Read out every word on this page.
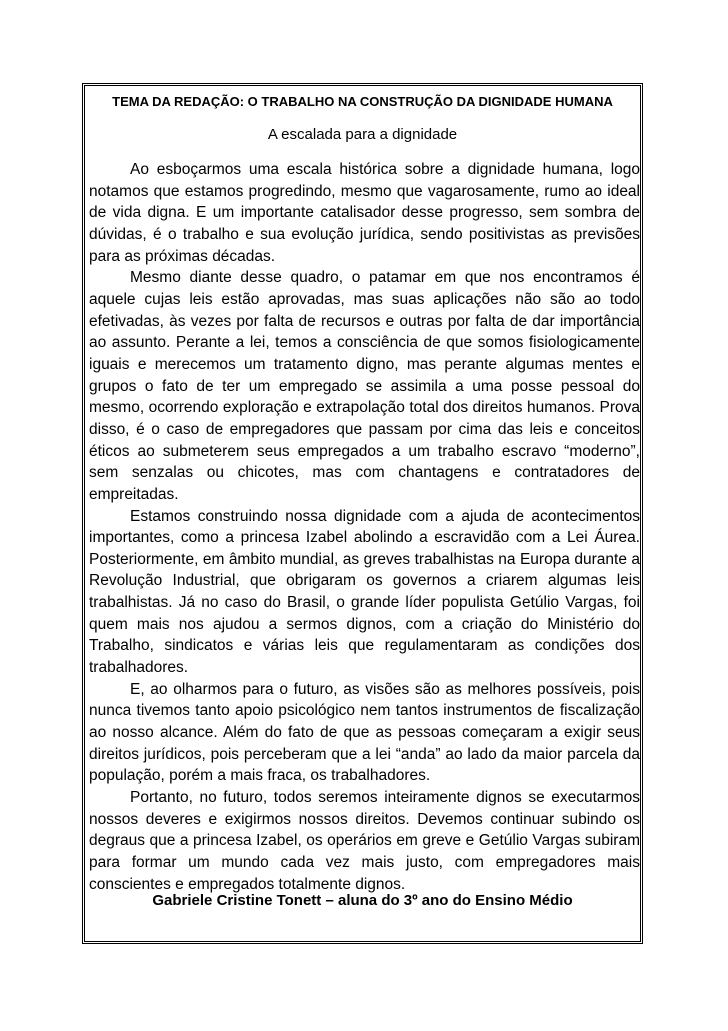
TEMA DA REDAÇÃO: O TRABALHO NA CONSTRUÇÃO DA DIGNIDADE HUMANA
A escalada para a dignidade

Ao esboçarmos uma escala histórica sobre a dignidade humana, logo notamos que estamos progredindo, mesmo que vagarosamente, rumo ao ideal de vida digna. E um importante catalisador desse progresso, sem sombra de dúvidas, é o trabalho e sua evolução jurídica, sendo positivistas as previsões para as próximas décadas.

Mesmo diante desse quadro, o patamar em que nos encontramos é aquele cujas leis estão aprovadas, mas suas aplicações não são ao todo efetivadas, às vezes por falta de recursos e outras por falta de dar importância ao assunto. Perante a lei, temos a consciência de que somos fisiologicamente iguais e merecemos um tratamento digno, mas perante algumas mentes e grupos o fato de ter um empregado se assimila a uma posse pessoal do mesmo, ocorrendo exploração e extrapolação total dos direitos humanos. Prova disso, é o caso de empregadores que passam por cima das leis e conceitos éticos ao submeterem seus empregados a um trabalho escravo “moderno”, sem senzalas ou chicotes, mas com chantagens e contratadores de empreitadas.

Estamos construindo nossa dignidade com a ajuda de acontecimentos importantes, como a princesa Izabel abolindo a escravidão com a Lei Áurea. Posteriormente, em âmbito mundial, as greves trabalhistas na Europa durante a Revolução Industrial, que obrigaram os governos a criarem algumas leis trabalhistas. Já no caso do Brasil, o grande líder populista Getúlio Vargas, foi quem mais nos ajudou a sermos dignos, com a criação do Ministério do Trabalho, sindicatos e várias leis que regulamentaram as condições dos trabalhadores.

E, ao olharmos para o futuro, as visões são as melhores possíveis, pois nunca tivemos tanto apoio psicológico nem tantos instrumentos de fiscalização ao nosso alcance. Além do fato de que as pessoas começaram a exigir seus direitos jurídicos, pois perceberam que a lei “anda” ao lado da maior parcela da população, porém a mais fraca, os trabalhadores.

Portanto, no futuro, todos seremos inteiramente dignos se executarmos nossos deveres e exigirmos nossos direitos. Devemos continuar subindo os degraus que a princesa Izabel, os operários em greve e Getúlio Vargas subiram para formar um mundo cada vez mais justo, com empregadores mais conscientes e empregados totalmente dignos.

Gabriele Cristine Tonett – aluna do 3º ano do Ensino Médio
